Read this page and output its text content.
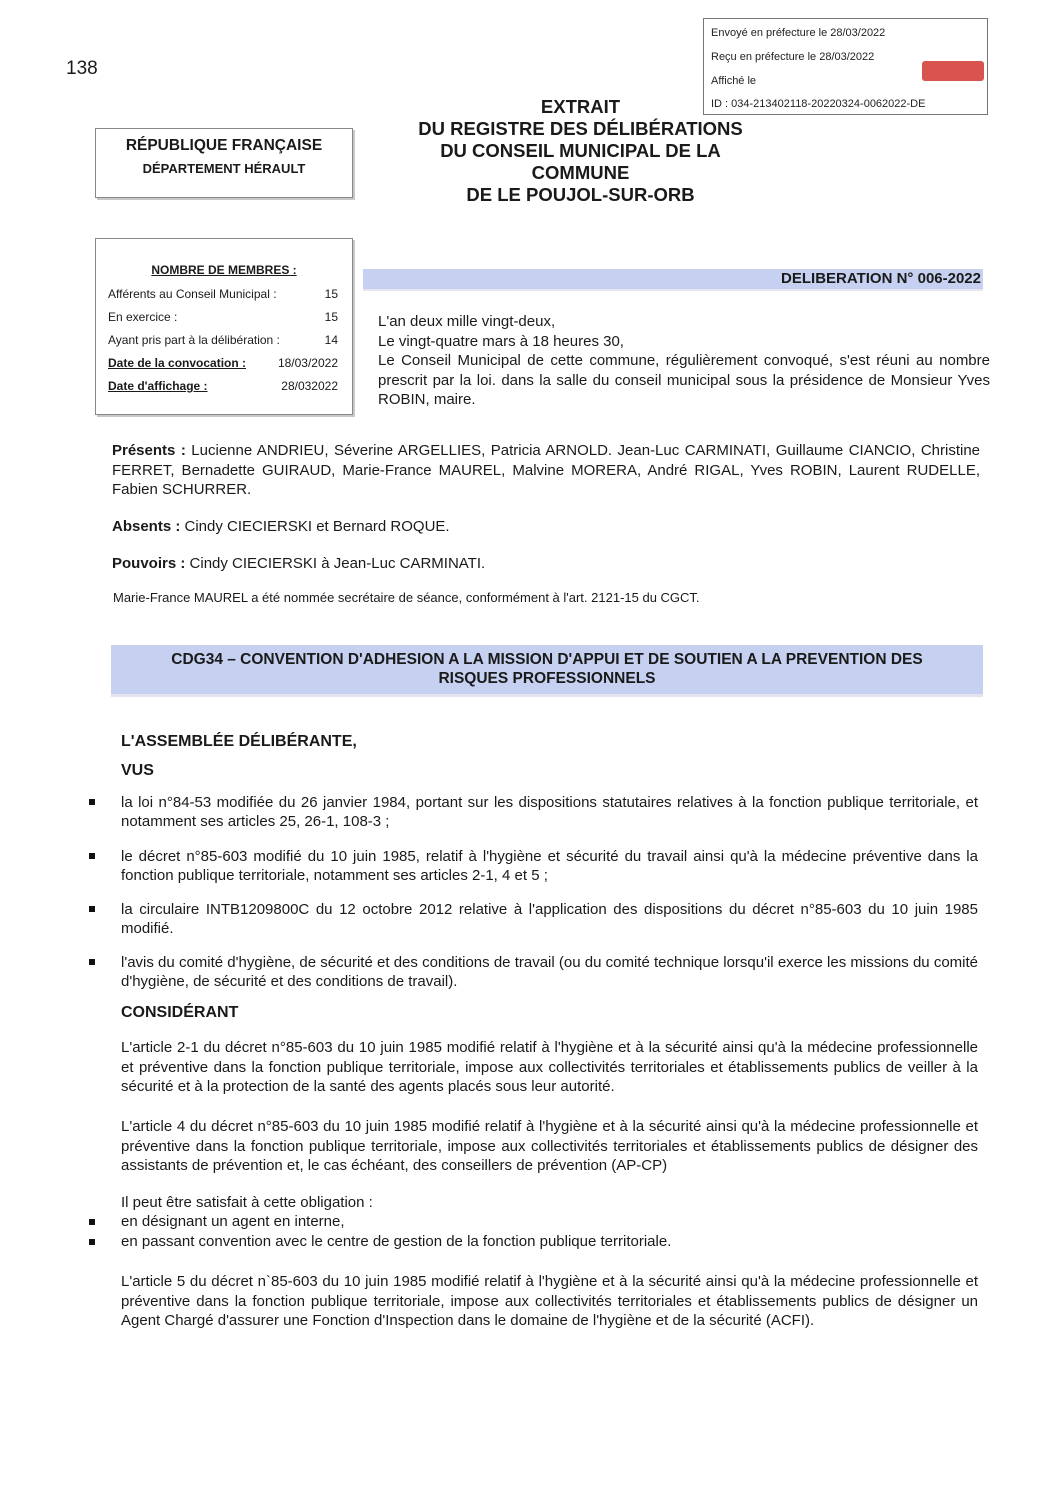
138
Envoyé en préfecture le 28/03/2022
Reçu en préfecture le 28/03/2022
Affiché le
ID : 034-213402118-20220324-0062022-DE
EXTRAIT
DU REGISTRE DES DÉLIBÉRATIONS
DU CONSEIL MUNICIPAL DE LA
COMMUNE
DE LE POUJOL-SUR-ORB
RÉPUBLIQUE FRANÇAISE
DÉPARTEMENT HÉRAULT
NOMBRE DE MEMBRES :
Afférents au Conseil Municipal :	15
En exercice :	15
Ayant pris part à la délibération :	14
Date de la convocation :	18/03/2022
Date d'affichage :	28/032022
DELIBERATION N° 006-2022
L'an deux mille vingt-deux,
Le vingt-quatre mars à 18 heures 30,
Le Conseil Municipal de cette commune, régulièrement convoqué, s'est réuni au nombre prescrit par la loi. dans la salle du conseil municipal sous la présidence de Monsieur Yves ROBIN, maire.
Présents : Lucienne ANDRIEU, Séverine ARGELLIES, Patricia ARNOLD. Jean-Luc CARMINATI, Guillaume CIANCIO, Christine FERRET, Bernadette GUIRAUD, Marie-France MAUREL, Malvine MORERA, André RIGAL, Yves ROBIN, Laurent RUDELLE, Fabien SCHURRER.
Absents : Cindy CIECIERSKI et Bernard ROQUE.
Pouvoirs : Cindy CIECIERSKI à Jean-Luc CARMINATI.
Marie-France MAUREL a été nommée secrétaire de séance, conformément à l'art. 2121-15 du CGCT.
CDG34 – CONVENTION D'ADHESION A LA MISSION D'APPUI ET DE SOUTIEN A LA PREVENTION DES
RISQUES PROFESSIONNELS
L'ASSEMBLÉE DÉLIBÉRANTE,
VUS
la loi n°84-53 modifiée du 26 janvier 1984, portant sur les dispositions statutaires relatives à la fonction publique territoriale, et notamment ses articles 25, 26-1, 108-3 ;
le décret n°85-603 modifié du 10 juin 1985, relatif à l'hygiène et sécurité du travail ainsi qu'à la médecine préventive dans la fonction publique territoriale, notamment ses articles 2-1, 4 et 5 ;
la circulaire INTB1209800C du 12 octobre 2012 relative à l'application des dispositions du décret n°85-603 du 10 juin 1985 modifié.
l'avis du comité d'hygiène, de sécurité et des conditions de travail (ou du comité technique lorsqu'il exerce les missions du comité d'hygiène, de sécurité et des conditions de travail).
CONSIDÉRANT
L'article 2-1 du décret n°85-603 du 10 juin 1985 modifié relatif à l'hygiène et à la sécurité ainsi qu'à la médecine professionnelle et préventive dans la fonction publique territoriale, impose aux collectivités territoriales et établissements publics de veiller à la sécurité et à la protection de la santé des agents placés sous leur autorité.
L'article 4 du décret n°85-603 du 10 juin 1985 modifié relatif à l'hygiène et à la sécurité ainsi qu'à la médecine professionnelle et préventive dans la fonction publique territoriale, impose aux collectivités territoriales et établissements publics de désigner des assistants de prévention et, le cas échéant, des conseillers de prévention (AP-CP)
Il peut être satisfait à cette obligation :
en désignant un agent en interne,
en passant convention avec le centre de gestion de la fonction publique territoriale.
L'article 5 du décret n`85-603 du 10 juin 1985 modifié relatif à l'hygiène et à la sécurité ainsi qu'à la médecine professionnelle et préventive dans la fonction publique territoriale, impose aux collectivités territoriales et établissements publics de désigner un Agent Chargé d'assurer une Fonction d'Inspection dans le domaine de l'hygiène et de la sécurité (ACFI).
